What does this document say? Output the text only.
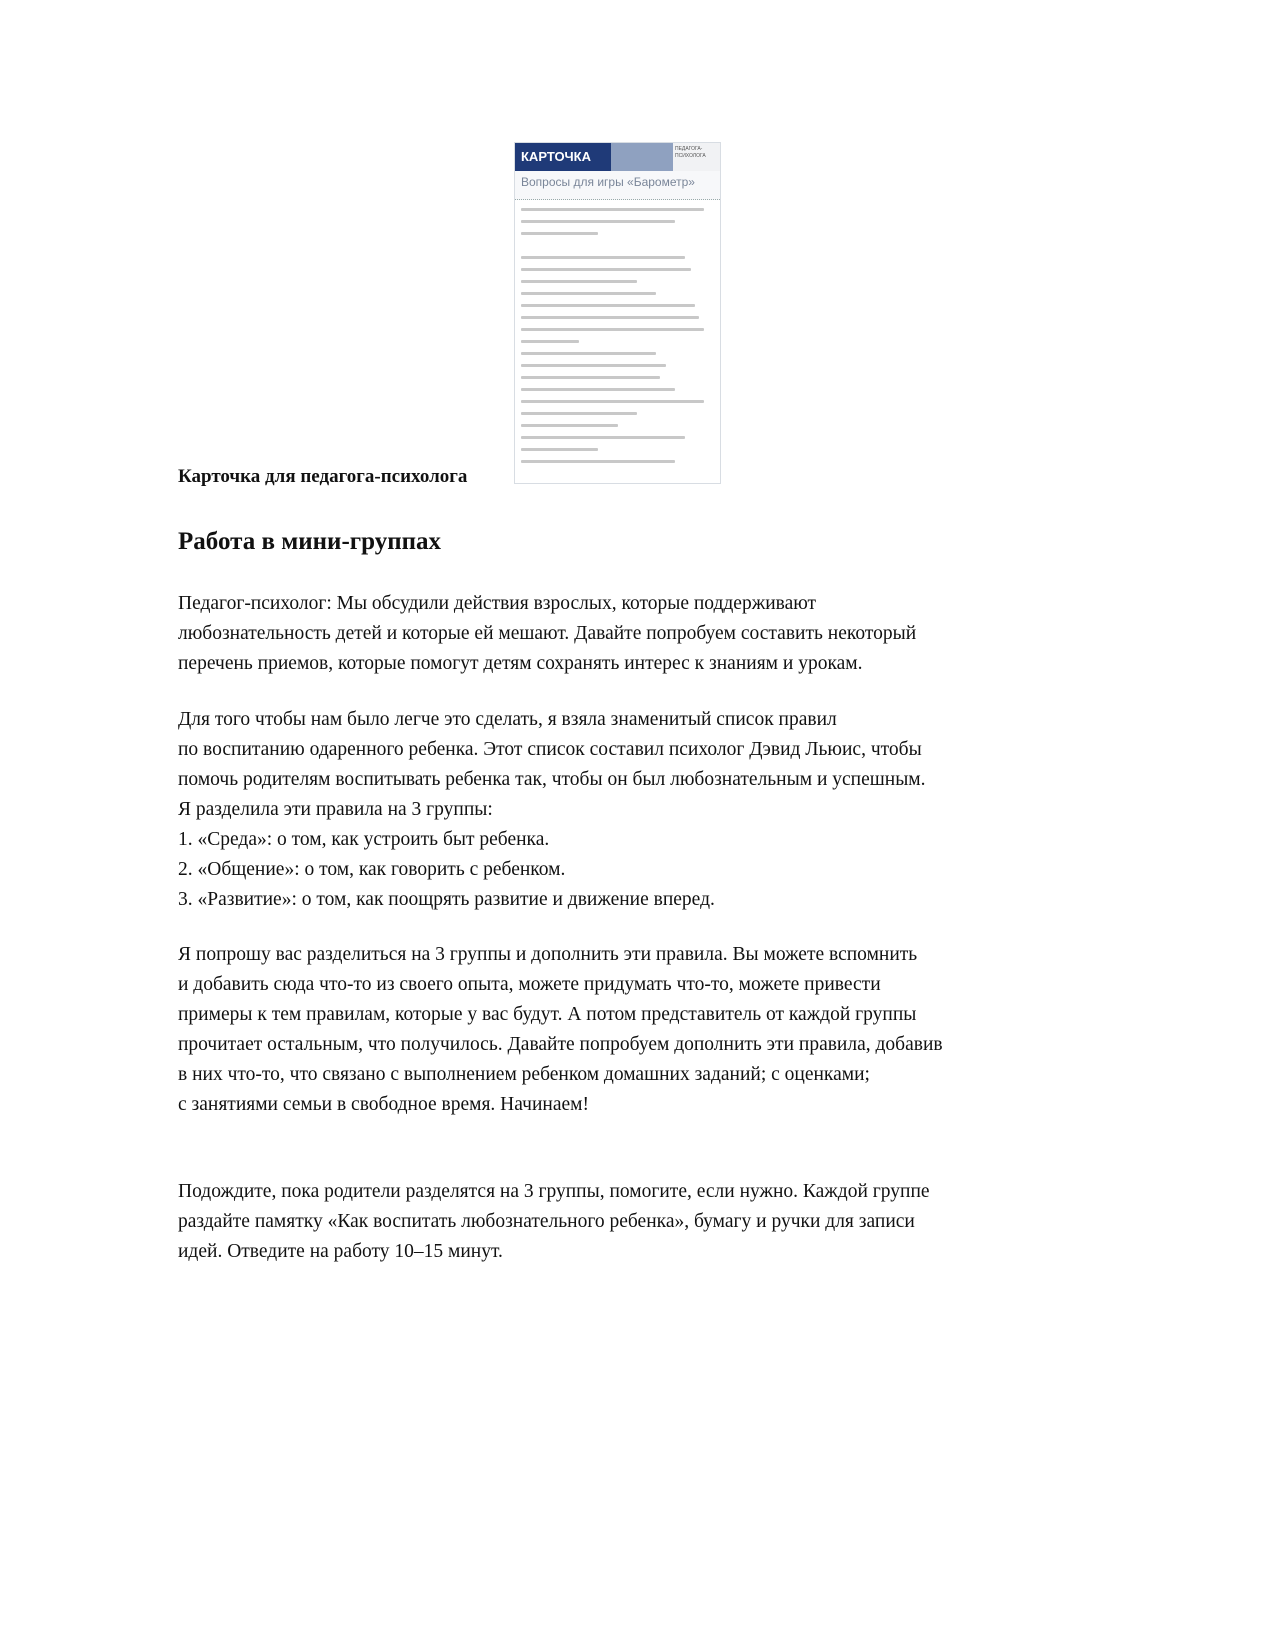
КАРТОЧКА	ПЕДАГОГА-ПСИХОЛОГА
Вопросы для игры «Барометр»
Карточка для педагога-психолога
Работа в мини-группах
Педагог-психолог: Мы обсудили действия взрослых, которые поддерживают
любознательность детей и которые ей мешают. Давайте попробуем составить некоторый
перечень приемов, которые помогут детям сохранять интерес к знаниям и урокам.
Для того чтобы нам было легче это сделать, я взяла знаменитый список правил
по воспитанию одаренного ребенка. Этот список составил психолог Дэвид Льюис, чтобы
помочь родителям воспитывать ребенка так, чтобы он был любознательным и успешным.
Я разделила эти правила на 3 группы:
1. «Среда»: о том, как устроить быт ребенка.
2. «Общение»: о том, как говорить с ребенком.
3. «Развитие»: о том, как поощрять развитие и движение вперед.
Я попрошу вас разделиться на 3 группы и дополнить эти правила. Вы можете вспомнить
и добавить сюда что-то из своего опыта, можете придумать что-то, можете привести
примеры к тем правилам, которые у вас будут. А потом представитель от каждой группы
прочитает остальным, что получилось. Давайте попробуем дополнить эти правила, добавив
в них что-то, что связано с выполнением ребенком домашних заданий; с оценками;
с занятиями семьи в свободное время. Начинаем!
Подождите, пока родители разделятся на 3 группы, помогите, если нужно. Каждой группе
раздайте памятку «Как воспитать любознательного ребенка», бумагу и ручки для записи
идей. Отведите на работу 10–15 минут.
